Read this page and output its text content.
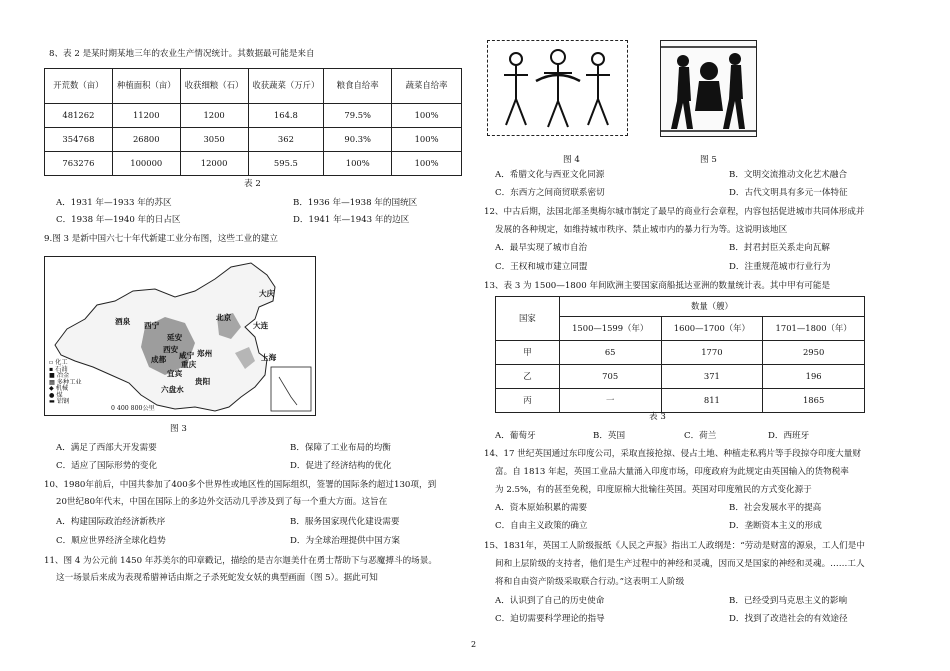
8、表 2 是某时期某地三年的农业生产情况统计。其数据最可能是来自
开荒数（亩）	种植面积（亩）	收获细粮（石）	收获蔬菜（万斤）	粮食自给率	蔬菜自给率
481262	11200	1200	164.8	79.5%	100%
354768	26800	3050	362	90.3%	100%
763276	100000	12000	595.5	100%	100%
表 2
A．1931 年—1933 年的苏区	B．1936 年—1938 年的国统区
C．1938 年—1940 年的日占区	D．1941 年—1943 年的边区
9.图 3 是新中国六七十年代新建工业分布图，这些工业的建立
大庆
大连
北京
酒泉 西宁
延安
西安
咸宁 郑州
成都
重庆
宜宾
贵阳
六盘水
上海
▫ 化工
▪ 石油
■ 冶金
▦ 多种工业
◆ 机械
● 煤
▬ 铝钢
0 400 800公里
图 3
A．满足了西部大开发需要	B．保障了工业布局的均衡
C．适应了国际形势的变化	D．促进了经济结构的优化
10、1980年前后，中国共参加了400多个世界性或地区性的国际组织，签署的国际条约超过130项，到
20世纪80年代末，中国在国际上的多边外交活动几乎涉及到了每一个重大方面。这旨在
A．构建国际政治经济新秩序	B．服务国家现代化建设需要
C．顺应世界经济全球化趋势	D．为全球治理提供中国方案
11、图 4 为公元前 1450 年苏美尔的印章戳记，描绘的是吉尔迦美什在勇士帮助下与恶魔搏斗的场景。
这一场景后来成为表现希腊神话由斯之子杀死蛇发女妖的典型画面（图 5）。据此可知
图 4	图 5
A．希腊文化与西亚文化同源	B．文明交流推动文化艺术融合
C．东西方之间商贸联系密切	D．古代文明具有多元一体特征
12、中古后期，法国北部圣奥梅尔城市制定了最早的商业行会章程，内容包括促进城市共同体形成并
发展的各种规定，如维持城市秩序、禁止城市内的暴力行为等。这说明该地区
A．最早实现了城市自治	B．封君封臣关系走向瓦解
C．王权和城市建立同盟	D．注重规范城市行业行为
13、表 3 为 1500—1800 年间欧洲主要国家商船抵达亚洲的数量统计表。其中甲有可能是
国家	数量（艘）		
	1500—1599（年）	1600—1700（年）	1701—1800（年）
甲	65	1770	2950
乙	705	371	196
丙	一	811	1865
表 3
A．葡萄牙	B．英国	C．荷兰	D．西班牙
14、17 世纪英国通过东印度公司，采取直接抢掠、侵占土地、种植走私鸦片等手段掠夺印度大量财
富。自 1813 年起，英国工业品大量涌入印度市场，印度政府为此规定由英国输入的货物税率
为 2.5%，有的甚至免税，印度原棉大批输往英国。英国对印度殖民的方式变化源于
A．资本原始积累的需要	B．社会发展水平的提高
C．自由主义政策的确立	D．垄断资本主义的形成
15、1831年，英国工人阶级报纸《人民之声报》指出工人政纲是：“劳动是财富的源泉，工人们是中
间和上层阶级的支持者，他们是生产过程中的神经和灵魂，因而又是国家的神经和灵魂。……工人
将和自由资产阶级采取联合行动。”这表明工人阶级
A．认识到了自己的历史使命	B．已经受到马克思主义的影响
C．迫切需要科学理论的指导	D．找到了改造社会的有效途径
2
